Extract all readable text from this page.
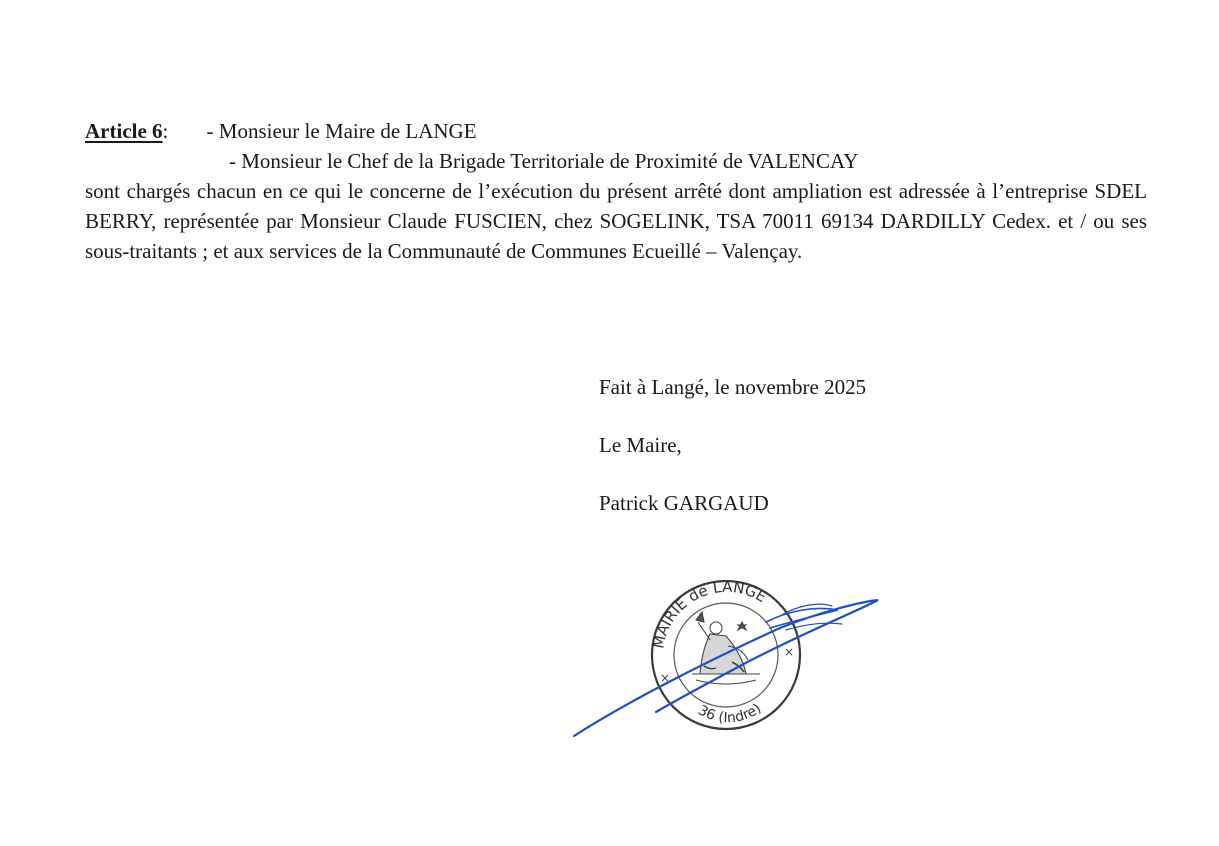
Article 6: - Monsieur le Maire de LANGE
- Monsieur le Chef de la Brigade Territoriale de Proximité de VALENCAY

sont chargés chacun en ce qui le concerne de l’exécution du présent arrêté dont ampliation est adressée à l’entreprise SDEL BERRY, représentée par Monsieur Claude FUSCIEN, chez SOGELINK, TSA 70011 69134 DARDILLY Cedex. et / ou ses sous-traitants ; et aux services de la Communauté de Communes Ecueillé – Valençay.

Fait à Langé, le novembre 2025
Le Maire,
Patrick GARGAUD
MAIRIE de LANGE
36 (Indre)
×
×
